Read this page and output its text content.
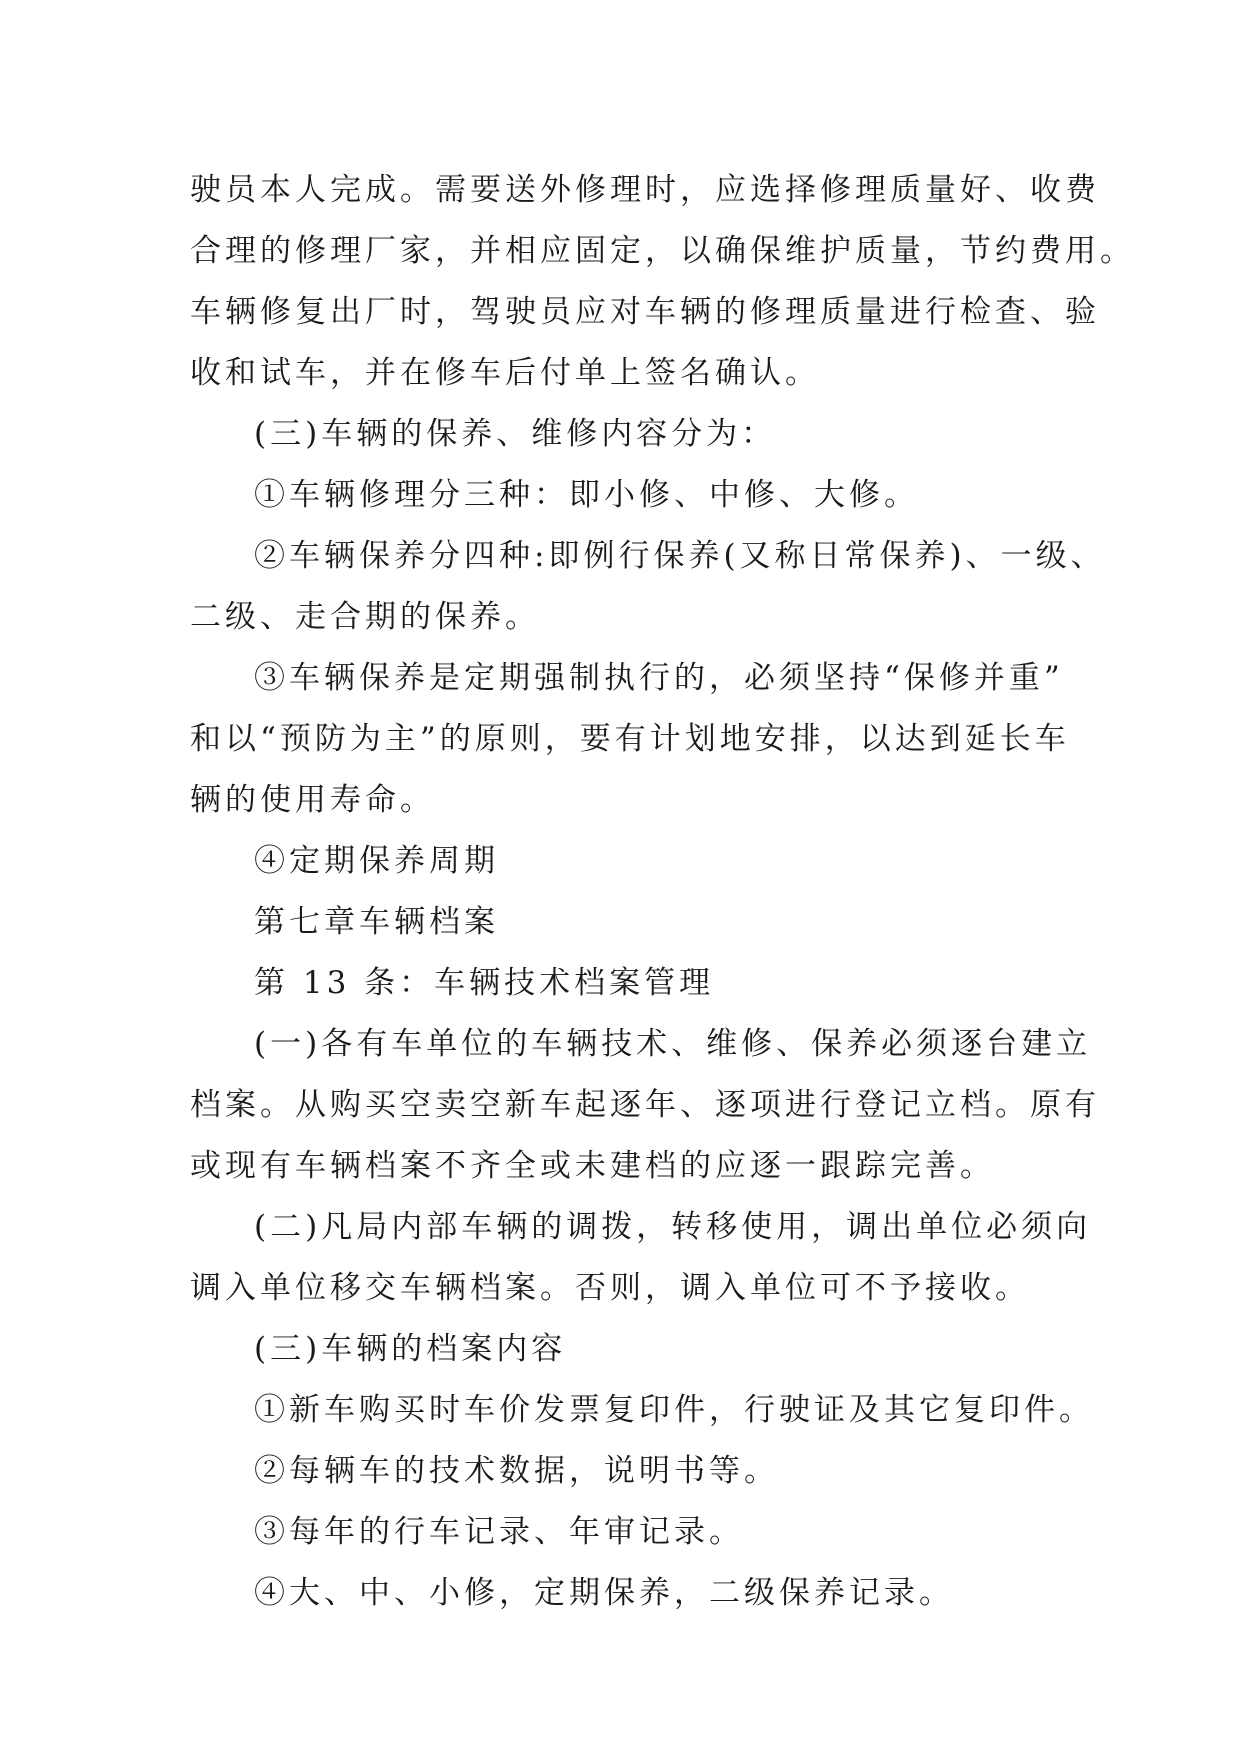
驶员本人完成。需要送外修理时，应选择修理质量好、收费
合理的修理厂家，并相应固定，以确保维护质量，节约费用。
车辆修复出厂时，驾驶员应对车辆的修理质量进行检查、验
收和试车，并在修车后付单上签名确认。
(三)车辆的保养、维修内容分为：
①车辆修理分三种：即小修、中修、大修。
②车辆保养分四种:即例行保养(又称日常保养)、一级、
二级、走合期的保养。
③车辆保养是定期强制执行的，必须坚持“保修并重”
和以“预防为主”的原则，要有计划地安排，以达到延长车
辆的使用寿命。
④定期保养周期
第七章车辆档案
第 13 条：车辆技术档案管理
(一)各有车单位的车辆技术、维修、保养必须逐台建立
档案。从购买空卖空新车起逐年、逐项进行登记立档。原有
或现有车辆档案不齐全或未建档的应逐一跟踪完善。
(二)凡局内部车辆的调拨，转移使用，调出单位必须向
调入单位移交车辆档案。否则，调入单位可不予接收。
(三)车辆的档案内容
①新车购买时车价发票复印件，行驶证及其它复印件。
②每辆车的技术数据，说明书等。
③每年的行车记录、年审记录。
④大、中、小修，定期保养，二级保养记录。
